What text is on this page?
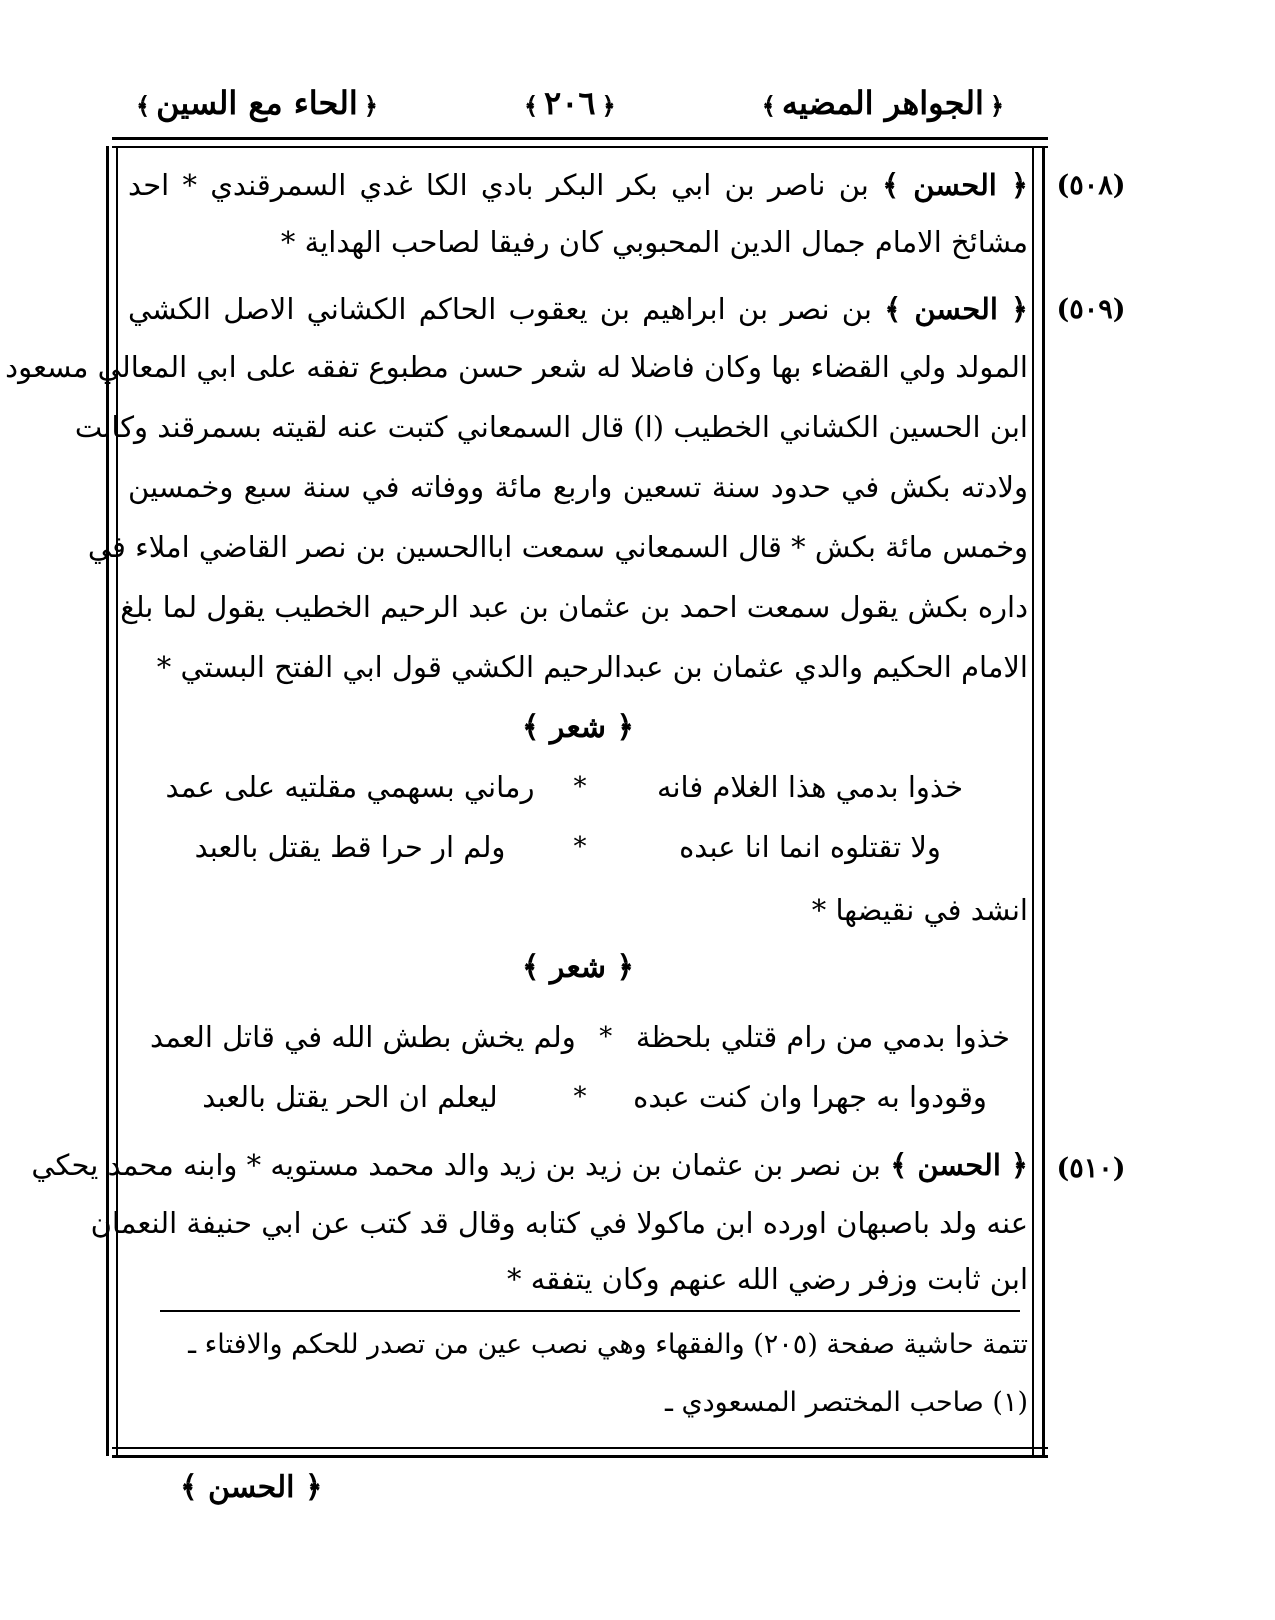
﴿الجواهر المضيه﴾
﴿٢٠٦﴾
﴿الحاء مع السين﴾
(٥٠٨)
﴿ الحسن ﴾ بن ناصر بن ابي بكر البكر بادي الكا غدي السمرقندي * احد
مشائخ الامام جمال الدين المحبوبي كان رفيقا لصاحب الهداية *
(٥٠٩)
﴿ الحسن ﴾ بن نصر بن ابراهيم بن يعقوب الحاكم الكشاني الاصل الكشي
المولد ولي القضاء بها وكان فاضلا له شعر حسن مطبوع تفقه على ابي المعالي مسعود
ابن الحسين الكشاني الخطيب (ا) قال السمعاني كتبت عنه لقيته بسمرقند وكانت
ولادته بكش في حدود سنة تسعين واربع مائة ووفاته في سنة سبع وخمسين
وخمس مائة بكش * قال السمعاني سمعت اباالحسين بن نصر القاضي املاء في
داره بكش يقول سمعت احمد بن عثمان بن عبد الرحيم الخطيب يقول لما بلغ
الامام الحكيم والدي عثمان بن عبدالرحيم الكشي قول ابي الفتح البستي *
﴿ شعر ﴾
خذوا بدمي هذا الغلام فانه
*
رماني بسهمي مقلتيه على عمد
ولا تقتلوه انما انا عبده
*
ولم ار حرا قط يقتل بالعبد
انشد في نقيضها *
﴿ شعر ﴾
خذوا بدمي من رام قتلي بلحظة
*
ولم يخش بطش الله في قاتل العمد
وقودوا به جهرا وان كنت عبده
*
ليعلم ان الحر يقتل بالعبد
(٥١٠)
﴿ الحسن ﴾ بن نصر بن عثمان بن زيد بن زيد والد محمد مستويه * وابنه محمد يحكي
عنه ولد باصبهان اورده ابن ماكولا في كتابه وقال قد كتب عن ابي حنيفة النعمان
ابن ثابت وزفر رضي الله عنهم وكان يتفقه *
تتمة حاشية صفحة (٢٠٥) والفقهاء وهي نصب عين من تصدر للحكم والافتاء ـ
(١) صاحب المختصر المسعودي ـ
﴿ الحسن ﴾
